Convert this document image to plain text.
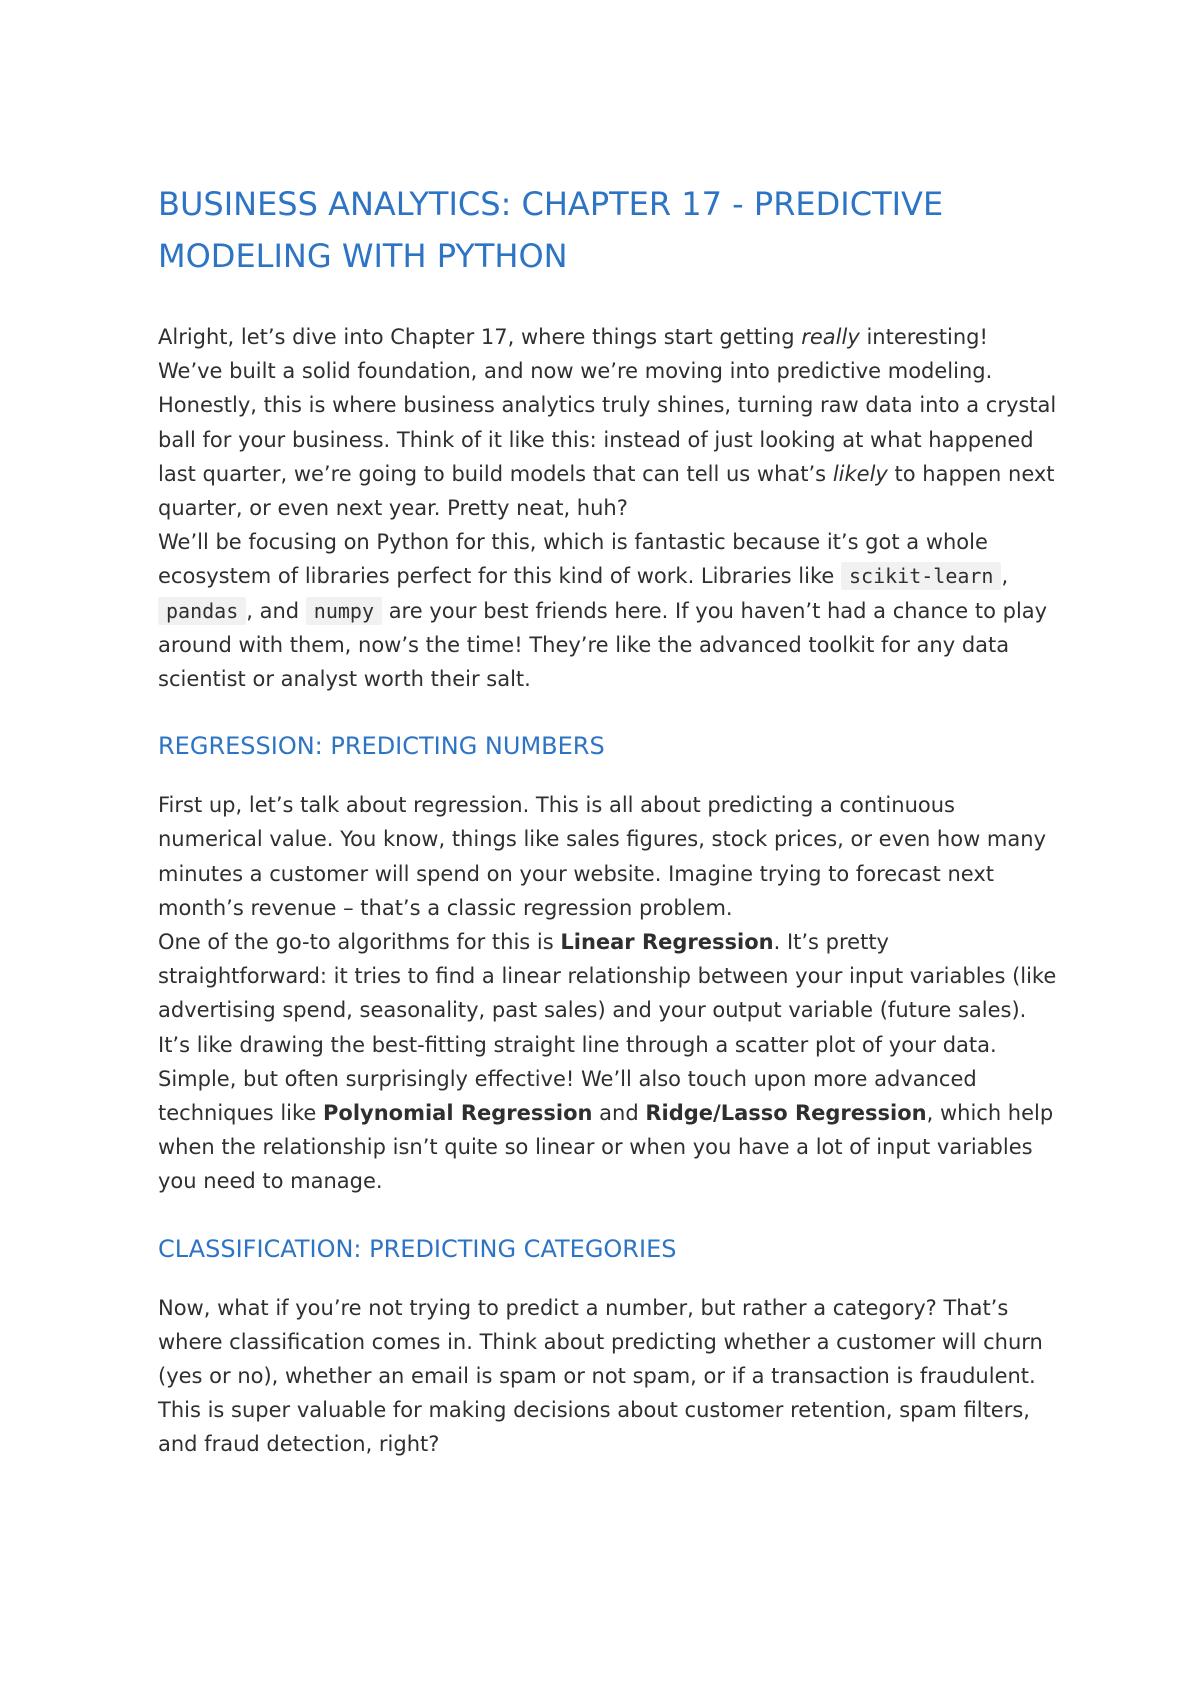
BUSINESS ANALYTICS: CHAPTER 17 - PREDICTIVE MODELING WITH PYTHON

Alright, let’s dive into Chapter 17, where things start getting really interesting! We’ve built a solid foundation, and now we’re moving into predictive modeling. Honestly, this is where business analytics truly shines, turning raw data into a crystal ball for your business. Think of it like this: instead of just looking at what happened last quarter, we’re going to build models that can tell us what’s likely to happen next quarter, or even next year. Pretty neat, huh?

We’ll be focusing on Python for this, which is fantastic because it’s got a whole ecosystem of libraries perfect for this kind of work. Libraries like scikit-learn , pandas , and numpy are your best friends here. If you haven’t had a chance to play around with them, now’s the time! They’re like the advanced toolkit for any data scientist or analyst worth their salt.

REGRESSION: PREDICTING NUMBERS

First up, let’s talk about regression. This is all about predicting a continuous numerical value. You know, things like sales figures, stock prices, or even how many minutes a customer will spend on your website. Imagine trying to forecast next month’s revenue – that’s a classic regression problem.

One of the go-to algorithms for this is Linear Regression. It’s pretty straightforward: it tries to find a linear relationship between your input variables (like advertising spend, seasonality, past sales) and your output variable (future sales). It’s like drawing the best-fitting straight line through a scatter plot of your data. Simple, but often surprisingly effective! We’ll also touch upon more advanced techniques like Polynomial Regression and Ridge/Lasso Regression, which help when the relationship isn’t quite so linear or when you have a lot of input variables you need to manage.

CLASSIFICATION: PREDICTING CATEGORIES

Now, what if you’re not trying to predict a number, but rather a category? That’s where classification comes in. Think about predicting whether a customer will churn (yes or no), whether an email is spam or not spam, or if a transaction is fraudulent. This is super valuable for making decisions about customer retention, spam filters, and fraud detection, right?
